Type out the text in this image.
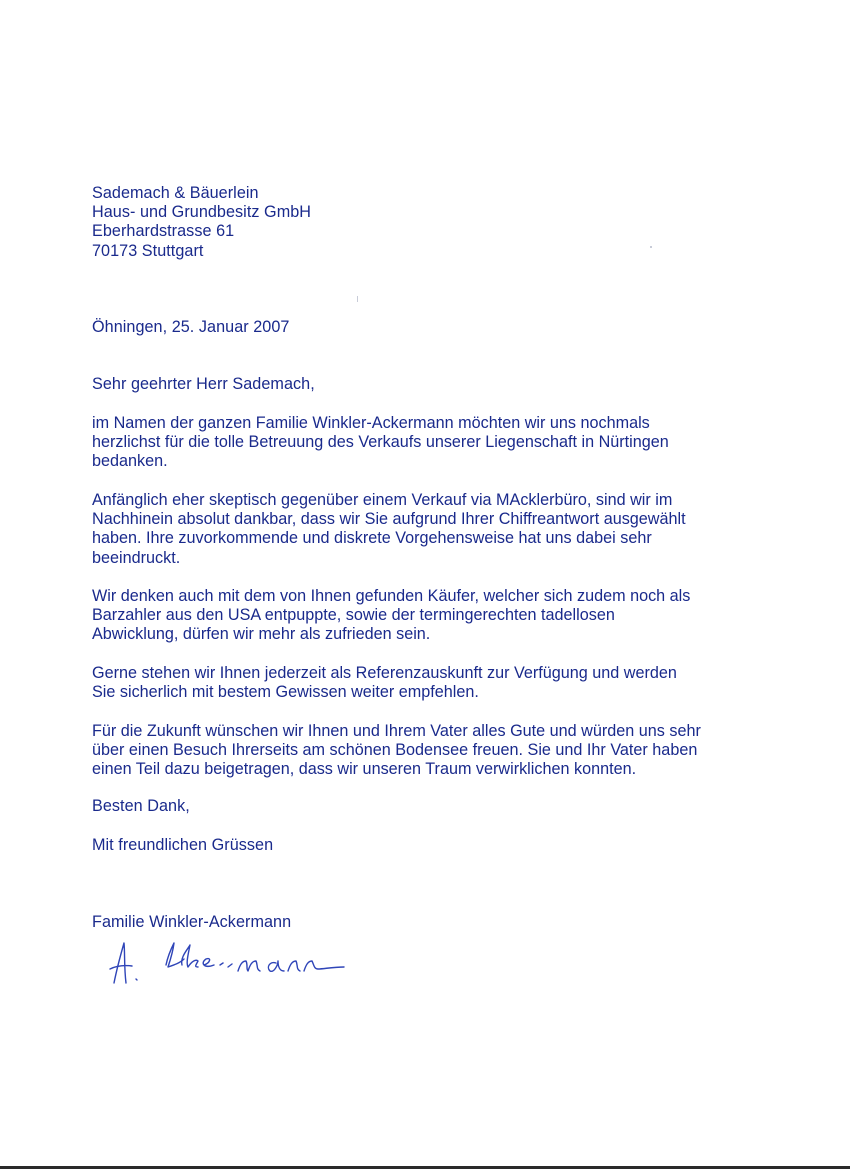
Sademach & Bäuerlein
Haus- und Grundbesitz GmbH
Eberhardstrasse 61
70173 Stuttgart
Öhningen, 25. Januar 2007
Sehr geehrter Herr Sademach,
im Namen der ganzen Familie Winkler-Ackermann möchten wir uns nochmals
herzlichst für die tolle Betreuung des Verkaufs unserer Liegenschaft in Nürtingen
bedanken.
Anfänglich eher skeptisch gegenüber einem Verkauf via MAcklerbüro, sind wir im
Nachhinein absolut dankbar, dass wir Sie aufgrund Ihrer Chiffreantwort ausgewählt
haben. Ihre zuvorkommende und diskrete Vorgehensweise hat uns dabei sehr
beeindruckt.
Wir denken auch mit dem von Ihnen gefunden Käufer, welcher sich zudem noch als
Barzahler aus den USA entpuppte, sowie der termingerechten tadellosen
Abwicklung, dürfen wir mehr als zufrieden sein.
Gerne stehen wir Ihnen jederzeit als Referenzauskunft zur Verfügung und werden
Sie sicherlich mit bestem Gewissen weiter empfehlen.
Für die Zukunft wünschen wir Ihnen und Ihrem Vater alles Gute und würden uns sehr
über einen Besuch Ihrerseits am schönen Bodensee freuen. Sie und Ihr Vater haben
einen Teil dazu beigetragen, dass wir unseren Traum verwirklichen konnten.
Besten Dank,
Mit freundlichen Grüssen
Familie Winkler-Ackermann
